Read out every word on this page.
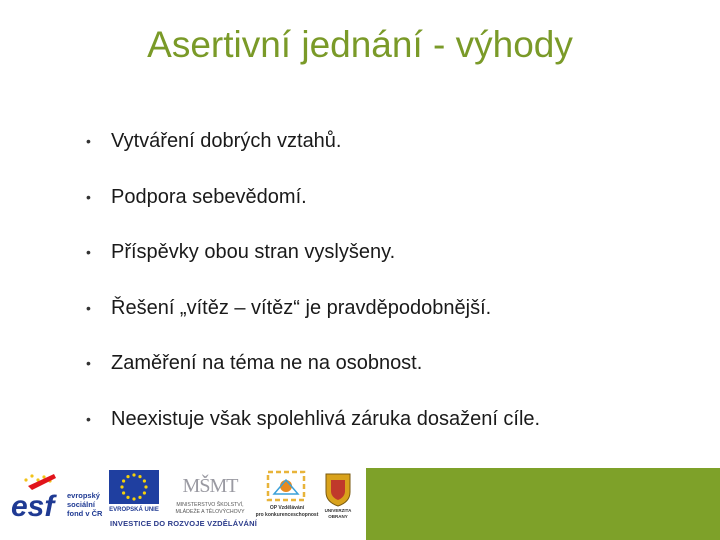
Asertivní jednání - výhody
• Vytváření dobrých vztahů.
• Podpora sebevědomí.
• Příspěvky obou stran vyslyšeny.
• Řešení „vítěz – vítěz“ je pravděpodobnější.
• Zaměření na téma ne na osobnost.
• Neexistuje však spolehlivá záruka dosažení cíle.
esf	evropský
sociální
fond v ČR EVROPSKÁ UNIE
MŠMT
MINISTERSTVO ŠKOLSTVÍ,
MLÁDEŽE A TĚLOVÝCHOVY
OP Vzdělávání
pro konkurenceschopnost
UNIVERZITA
OBRANY
INVESTICE DO ROZVOJE VZDĚLÁVÁNÍ
